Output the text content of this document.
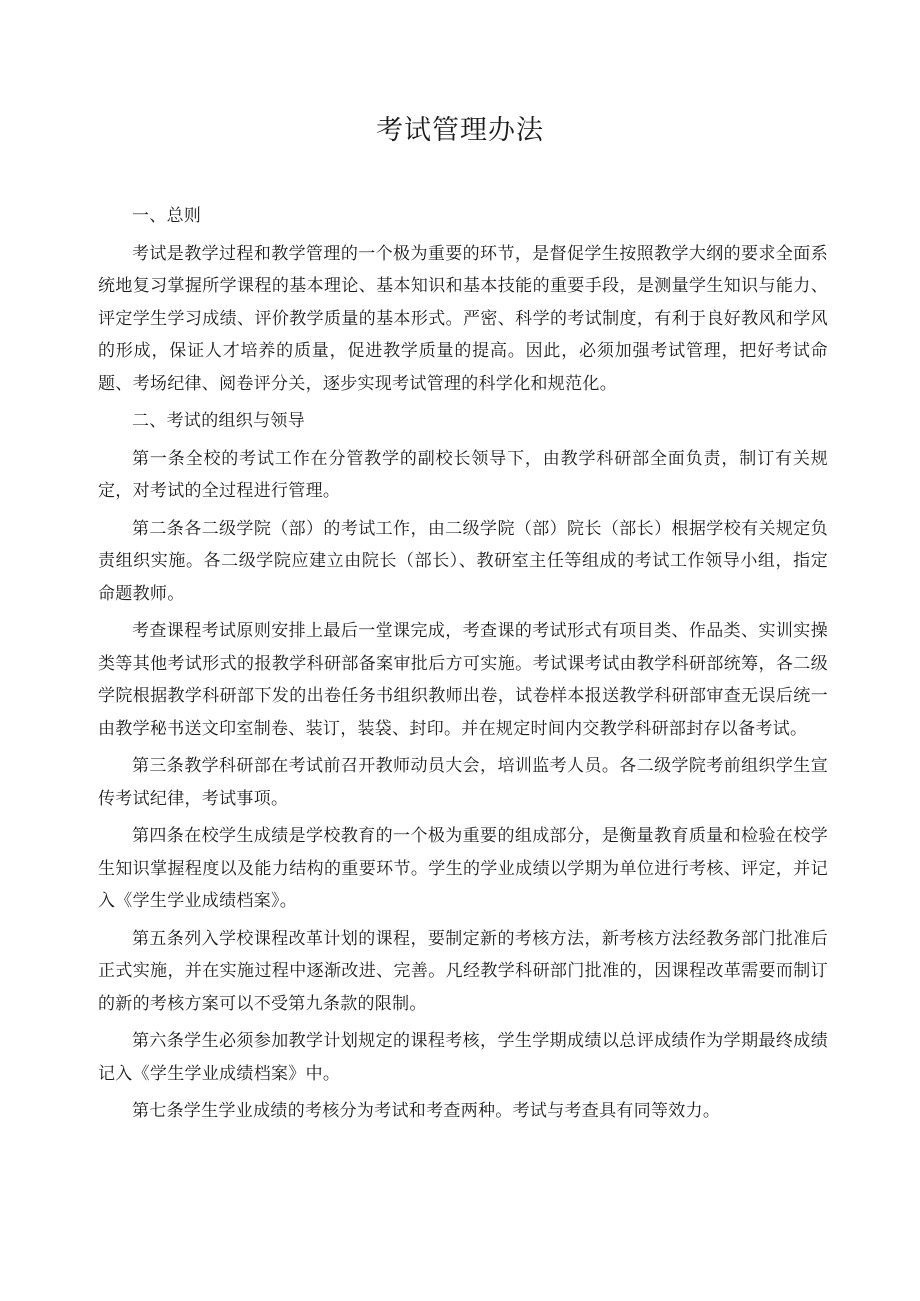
考试管理办法

一、总则

考试是教学过程和教学管理的一个极为重要的环节，是督促学生按照教学大纲的要求全面系统地复习掌握所学课程的基本理论、基本知识和基本技能的重要手段，是测量学生知识与能力、评定学生学习成绩、评价教学质量的基本形式。严密、科学的考试制度，有利于良好教风和学风的形成，保证人才培养的质量，促进教学质量的提高。因此，必须加强考试管理，把好考试命题、考场纪律、阅卷评分关，逐步实现考试管理的科学化和规范化。

二、考试的组织与领导

第一条全校的考试工作在分管教学的副校长领导下，由教学科研部全面负责，制订有关规定，对考试的全过程进行管理。

第二条各二级学院（部）的考试工作，由二级学院（部）院长（部长）根据学校有关规定负责组织实施。各二级学院应建立由院长（部长）、教研室主任等组成的考试工作领导小组，指定命题教师。

考查课程考试原则安排上最后一堂课完成，考查课的考试形式有项目类、作品类、实训实操类等其他考试形式的报教学科研部备案审批后方可实施。考试课考试由教学科研部统筹，各二级学院根据教学科研部下发的出卷任务书组织教师出卷，试卷样本报送教学科研部审查无误后统一由教学秘书送文印室制卷、装订，装袋、封印。并在规定时间内交教学科研部封存以备考试。

第三条教学科研部在考试前召开教师动员大会，培训监考人员。各二级学院考前组织学生宣传考试纪律，考试事项。

第四条在校学生成绩是学校教育的一个极为重要的组成部分，是衡量教育质量和检验在校学生知识掌握程度以及能力结构的重要环节。学生的学业成绩以学期为单位进行考核、评定，并记入《学生学业成绩档案》。

第五条列入学校课程改革计划的课程，要制定新的考核方法，新考核方法经教务部门批准后正式实施，并在实施过程中逐渐改进、完善。凡经教学科研部门批准的，因课程改革需要而制订的新的考核方案可以不受第九条款的限制。

第六条学生必须参加教学计划规定的课程考核，学生学期成绩以总评成绩作为学期最终成绩记入《学生学业成绩档案》中。

第七条学生学业成绩的考核分为考试和考查两种。考试与考查具有同等效力。
